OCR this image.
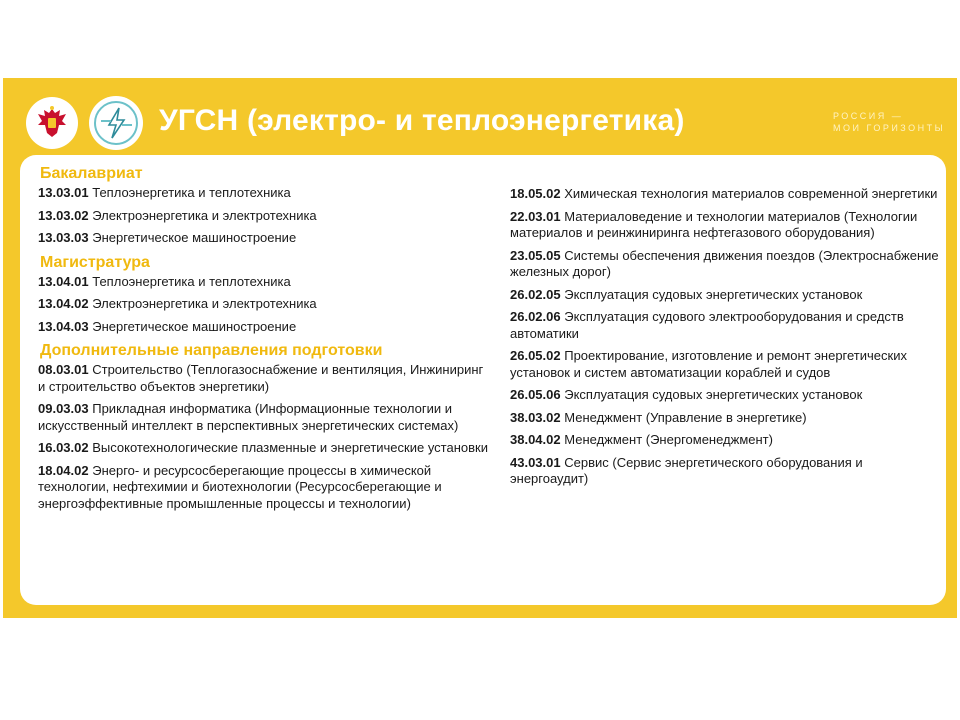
УГСН (электро- и теплоэнергетика)	РОССИЯ —
МОИ ГОРИЗОНТЫ
Бакалавриат
13.03.01 Теплоэнергетика и теплотехника
13.03.02 Электроэнергетика и электротехника
13.03.03 Энергетическое машиностроение
Магистратура
13.04.01 Теплоэнергетика и теплотехника
13.04.02 Электроэнергетика и электротехника
13.04.03 Энергетическое машиностроение
Дополнительные направления подготовки
08.03.01 Строительство (Теплогазоснабжение и вентиляция, Инжиниринг и строительство объектов энергетики)
09.03.03 Прикладная информатика (Информационные технологии и искусственный интеллект в перспективных энергетических системах)
16.03.02 Высокотехнологические плазменные и энергетические установки
18.04.02 Энерго- и ресурсосберегающие процессы в химической технологии, нефтехимии и биотехнологии (Ресурсосберегающие и энергоэффективные промышленные процессы и технологии)
18.05.02 Химическая технология материалов современной энергетики
22.03.01 Материаловедение и технологии материалов (Технологии материалов и реинжиниринга нефтегазового оборудования)
23.05.05 Системы обеспечения движения поездов (Электроснабжение железных дорог)
26.02.05 Эксплуатация судовых энергетических установок
26.02.06 Эксплуатация судового электрооборудования и средств автоматики
26.05.02 Проектирование, изготовление и ремонт энергетических установок и систем автоматизации кораблей и судов
26.05.06 Эксплуатация судовых энергетических установок
38.03.02 Менеджмент (Управление в энергетике)
38.04.02 Менеджмент (Энергоменеджмент)
43.03.01 Сервис (Сервис энергетического оборудования и энергоаудит)
